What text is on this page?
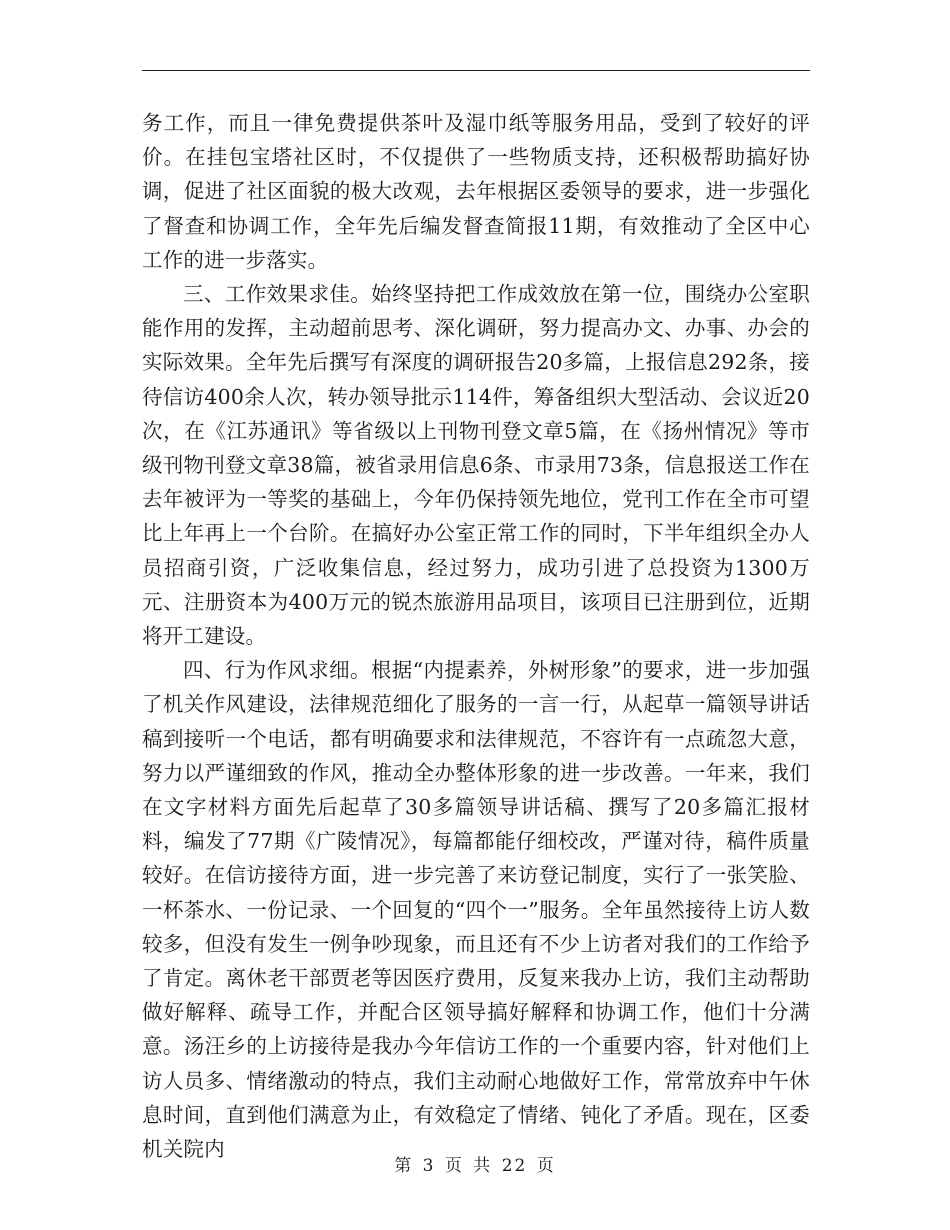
务工作，而且一律免费提供茶叶及湿巾纸等服务用品，受到了较好的评价。在挂包宝塔社区时，不仅提供了一些物质支持，还积极帮助搞好协调，促进了社区面貌的极大改观，去年根据区委领导的要求，进一步强化了督查和协调工作，全年先后编发督查简报11期，有效推动了全区中心工作的进一步落实。

三、工作效果求佳。始终坚持把工作成效放在第一位，围绕办公室职能作用的发挥，主动超前思考、深化调研，努力提高办文、办事、办会的实际效果。全年先后撰写有深度的调研报告20多篇，上报信息292条，接待信访400余人次，转办领导批示114件，筹备组织大型活动、会议近20次，在《江苏通讯》等省级以上刊物刊登文章5篇，在《扬州情况》等市级刊物刊登文章38篇，被省录用信息6条、市录用73条，信息报送工作在去年被评为一等奖的基础上，今年仍保持领先地位，党刊工作在全市可望比上年再上一个台阶。在搞好办公室正常工作的同时，下半年组织全办人员招商引资，广泛收集信息，经过努力，成功引进了总投资为1300万元、注册资本为400万元的锐杰旅游用品项目，该项目已注册到位，近期将开工建设。

四、行为作风求细。根据“内提素养，外树形象”的要求，进一步加强了机关作风建设，法律规范细化了服务的一言一行，从起草一篇领导讲话稿到接听一个电话，都有明确要求和法律规范，不容许有一点疏忽大意，努力以严谨细致的作风，推动全办整体形象的进一步改善。一年来，我们在文字材料方面先后起草了30多篇领导讲话稿、撰写了20多篇汇报材料，编发了77期《广陵情况》，每篇都能仔细校改，严谨对待，稿件质量较好。在信访接待方面，进一步完善了来访登记制度，实行了一张笑脸、一杯茶水、一份记录、一个回复的“四个一”服务。全年虽然接待上访人数较多，但没有发生一例争吵现象，而且还有不少上访者对我们的工作给予了肯定。离休老干部贾老等因医疗费用，反复来我办上访，我们主动帮助做好解释、疏导工作，并配合区领导搞好解释和协调工作，他们十分满意。汤汪乡的上访接待是我办今年信访工作的一个重要内容，针对他们上访人员多、情绪激动的特点，我们主动耐心地做好工作，常常放弃中午休息时间，直到他们满意为止，有效稳定了情绪、钝化了矛盾。现在，区委机关院内

第 3 页 共 22 页
